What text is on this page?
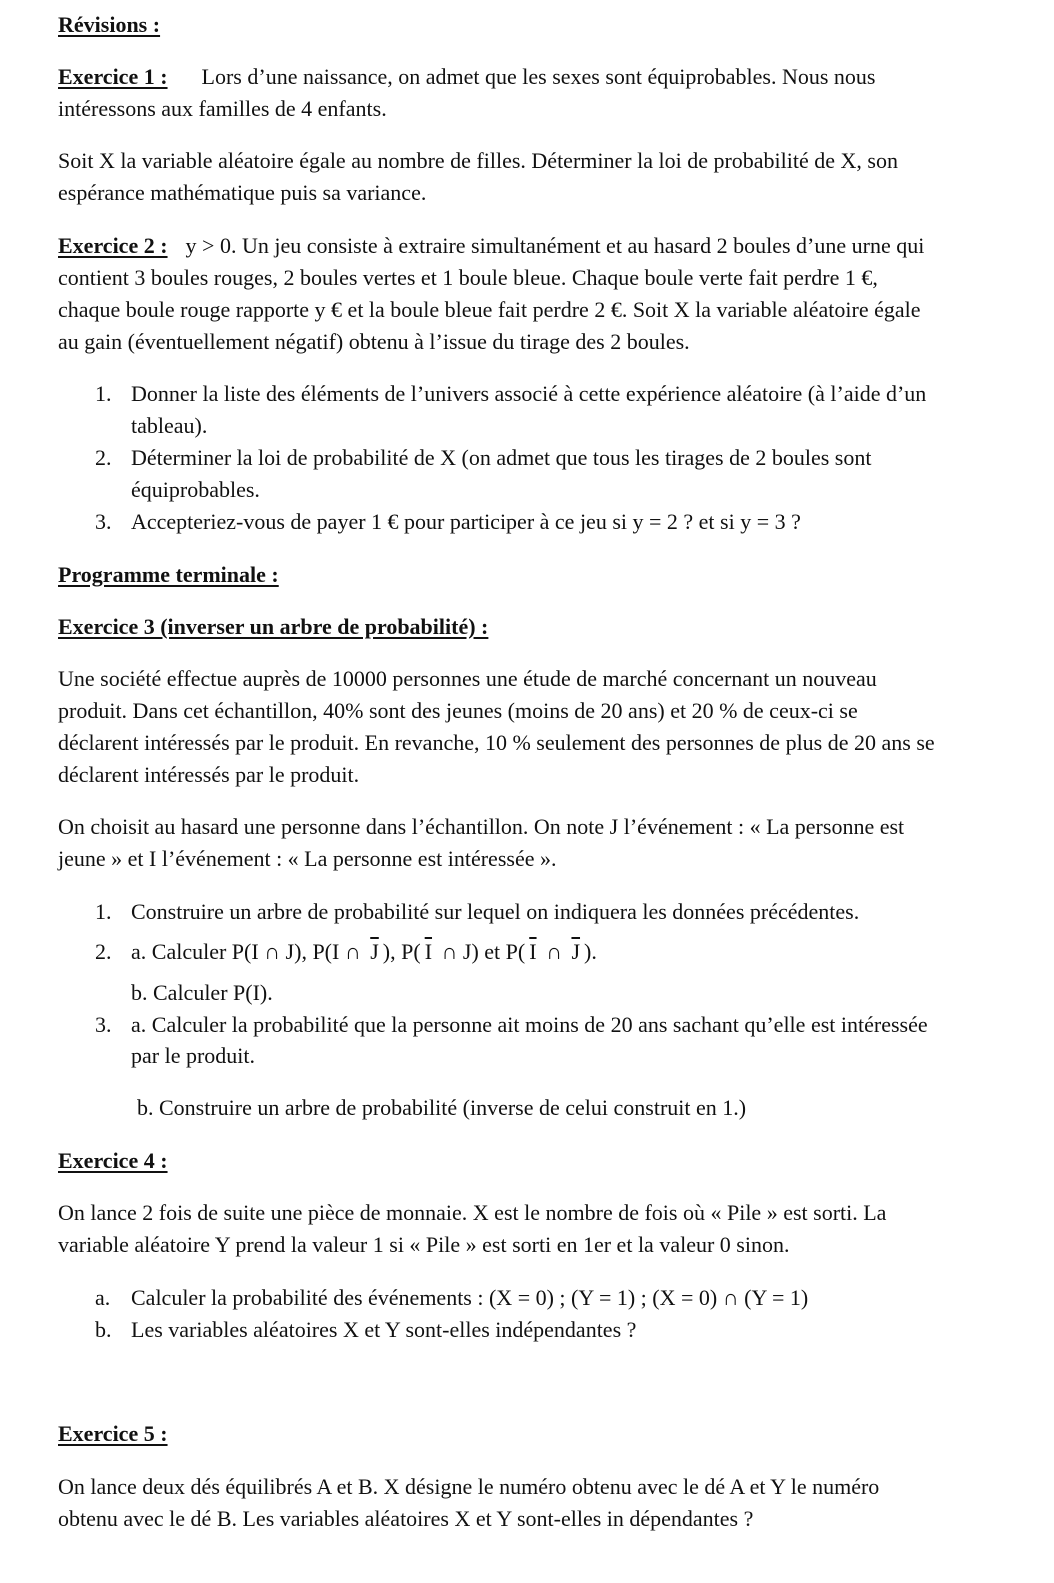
Révisions :
Exercice 1 : Lors d’une naissance, on admet que les sexes sont équiprobables. Nous nous
intéressons aux familles de 4 enfants.
Soit X la variable aléatoire égale au nombre de filles. Déterminer la loi de probabilité de X, son
espérance mathématique puis sa variance.
Exercice 2 : y > 0. Un jeu consiste à extraire simultanément et au hasard 2 boules d’une urne qui
contient 3 boules rouges, 2 boules vertes et 1 boule bleue. Chaque boule verte fait perdre 1 €,
chaque boule rouge rapporte y € et la boule bleue fait perdre 2 €. Soit X la variable aléatoire égale
au gain (éventuellement négatif) obtenu à l’issue du tirage des 2 boules.
1. Donner la liste des éléments de l’univers associé à cette expérience aléatoire (à l’aide d’un
tableau).
2. Déterminer la loi de probabilité de X (on admet que tous les tirages de 2 boules sont
équiprobables.
3. Accepteriez-vous de payer 1 € pour participer à ce jeu si y = 2 ? et si y = 3 ?
Programme terminale :
Exercice 3 (inverser un arbre de probabilité) :
Une société effectue auprès de 10000 personnes une étude de marché concernant un nouveau
produit. Dans cet échantillon, 40% sont des jeunes (moins de 20 ans) et 20 % de ceux-ci se
déclarent intéressés par le produit. En revanche, 10 % seulement des personnes de plus de 20 ans se
déclarent intéressés par le produit.
On choisit au hasard une personne dans l’échantillon. On note J l’événement : « La personne est
jeune » et I l’événement : « La personne est intéressée ».
1. Construire un arbre de probabilité sur lequel on indiquera les données précédentes.
2. a. Calculer P(I ∩ J), P(I ∩ $\overline{J}$ ), P( $\overline{I}$ ∩ J) et P( $\overline{I}$ ∩ $\overline{J}$ ).
b. Calculer P(I).
3. a. Calculer la probabilité que la personne ait moins de 20 ans sachant qu’elle est intéressée
par le produit.
b. Construire un arbre de probabilité (inverse de celui construit en 1.)
Exercice 4 :
On lance 2 fois de suite une pièce de monnaie. X est le nombre de fois où « Pile » est sorti. La
variable aléatoire Y prend la valeur 1 si « Pile » est sorti en 1er et la valeur 0 sinon.
a. Calculer la probabilité des événements : (X = 0) ; (Y = 1) ; (X = 0) ∩ (Y = 1)
b. Les variables aléatoires X et Y sont-elles indépendantes ?
Exercice 5 :
On lance deux dés équilibrés A et B. X désigne le numéro obtenu avec le dé A et Y le numéro
obtenu avec le dé B. Les variables aléatoires X et Y sont-elles in dépendantes ?
